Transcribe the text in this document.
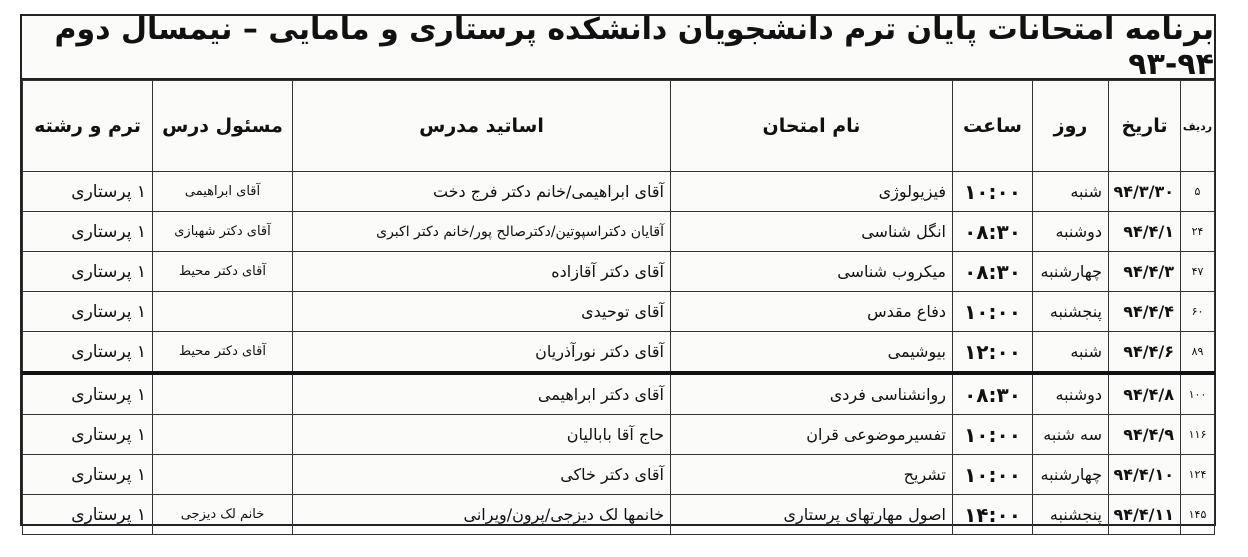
برنامه امتحانات پایان ترم دانشجویان دانشکده پرستاری و مامایی – نیمسال دوم ۹۴-۹۳
ردیف	تاریخ	روز	ساعت	نام امتحان	اساتید مدرس	مسئول درس	ترم و رشته
۵	۹۴/۳/۳۰	شنبه	۱۰:۰۰	فیزیولوژی	آقای ابراهیمی/خانم دکتر فرج دخت	آقای ابراهیمی	۱ پرستاری
۲۴	۹۴/۴/۱	دوشنبه	۰۸:۳۰	انگل شناسی	آقایان دکتراسپوتین/دکترصالح پور/خانم دکتر اکبری	آقای دکتر شهبازی	۱ پرستاری
۴۷	۹۴/۴/۳	چهارشنبه	۰۸:۳۰	میکروب شناسی	آقای دکتر آقازاده	آقای دکتر محیط	۱ پرستاری
۶۰	۹۴/۴/۴	پنجشنبه	۱۰:۰۰	دفاع مقدس	آقای توحیدی		۱ پرستاری
۸۹	۹۴/۴/۶	شنبه	۱۲:۰۰	بیوشیمی	آقای دکتر نورآذریان	آقای دکتر محیط	۱ پرستاری
۱۰۰	۹۴/۴/۸	دوشنبه	۰۸:۳۰	روانشناسی فردی	آقای دکتر ابراهیمی		۱ پرستاری
۱۱۶	۹۴/۴/۹	سه شنبه	۱۰:۰۰	تفسیرموضوعی قران	حاج آقا بابالیان		۱ پرستاری
۱۲۴	۹۴/۴/۱۰	چهارشنبه	۱۰:۰۰	تشریح	آقای دکتر خاکی		۱ پرستاری
۱۴۵	۹۴/۴/۱۱	پنجشنبه	۱۴:۰۰	اصول مهارتهای پرستاری	خانمها لک دیزجی/پرون/ویرانی	خانم لک دیزجی	۱ پرستاری
